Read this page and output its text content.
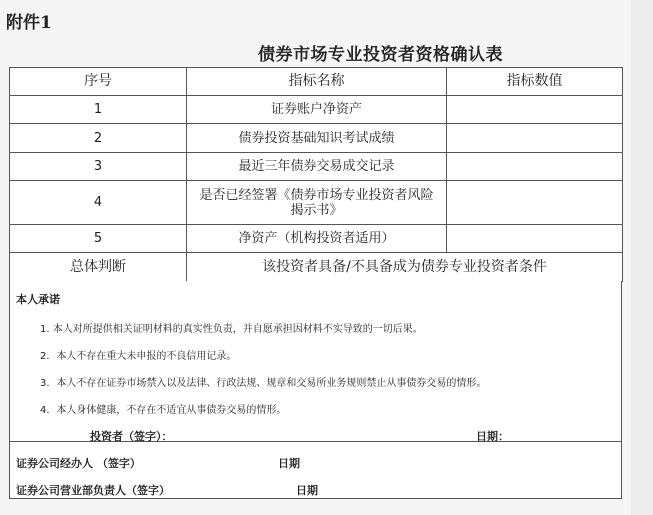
附件1
债券市场专业投资者资格确认表
序号	指标名称	指标数值
1	证券账户净资产	
2	债券投资基础知识考试成绩	
3	最近三年债券交易成交记录	
4	是否已经签署《债券市场专业投资者风险揭示书》	
5	净资产（机构投资者适用）	
总体判断	该投资者具备/不具备成为债券专业投资者条件	
本人承诺
1. 本人对所提供相关证明材料的真实性负责，并自愿承担因材料不实导致的一切后果。
2．本人不存在重大未申报的不良信用记录。
3．本人不存在证券市场禁入以及法律、行政法规、规章和交易所业务规则禁止从事债券交易的情形。
4．本人身体健康，不存在不适宜从事债券交易的情形。
投资者（签字）：	日期：
证券公司经办人 （签字）	日期
证券公司营业部负责人（签字）	日期
